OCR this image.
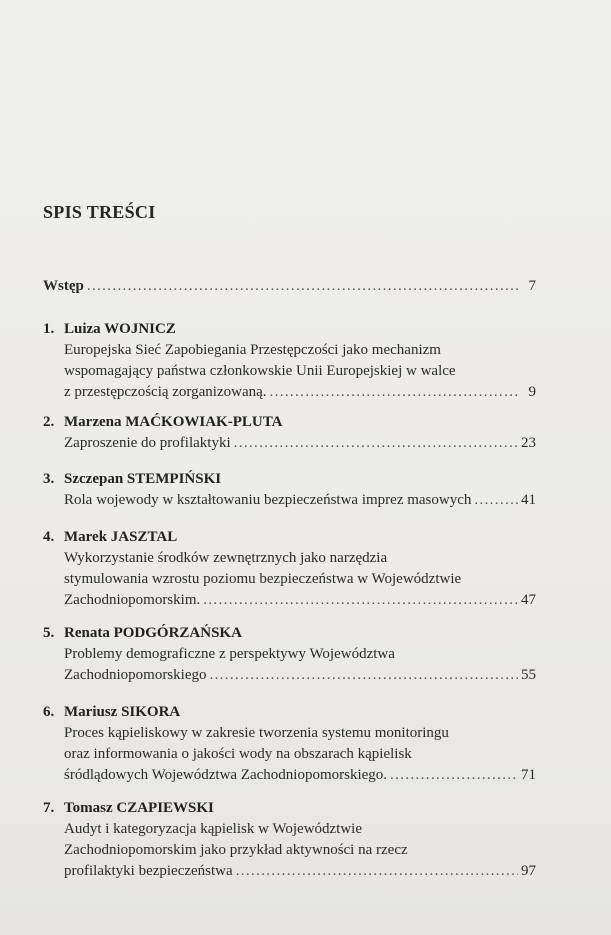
SPIS TREŚCI
Wstęp . . .	7
1. Luiza WOJNICZ
Europejska Sieć Zapobiegania Przestępczości jako mechanizm
wspomagający państwa członkowskie Unii Europejskiej w walce
z przestępczością zorganizowaną. . . .	9
2. Marzena MAĆKOWIAK-PLUTA
Zaproszenie do profilaktyki . . .	23
3. Szczepan STEMPIŃSKI
Rola wojewody w kształtowaniu bezpieczeństwa imprez masowych . . .	41
4. Marek JASZTAL
Wykorzystanie środków zewnętrznych jako narzędzia
stymulowania wzrostu poziomu bezpieczeństwa w Województwie
Zachodniopomorskim. . . .	47
5. Renata PODGÓRZAŃSKA
Problemy demograficzne z perspektywy Województwa
Zachodniopomorskiego . . .	55
6. Mariusz SIKORA
Proces kąpieliskowy w zakresie tworzenia systemu monitoringu
oraz informowania o jakości wody na obszarach kąpielisk
śródlądowych Województwa Zachodniopomorskiego. . . .	71
7. Tomasz CZAPIEWSKI
Audyt i kategoryzacja kąpielisk w Województwie
Zachodniopomorskim jako przykład aktywności na rzecz
profilaktyki bezpieczeństwa . . .	97
